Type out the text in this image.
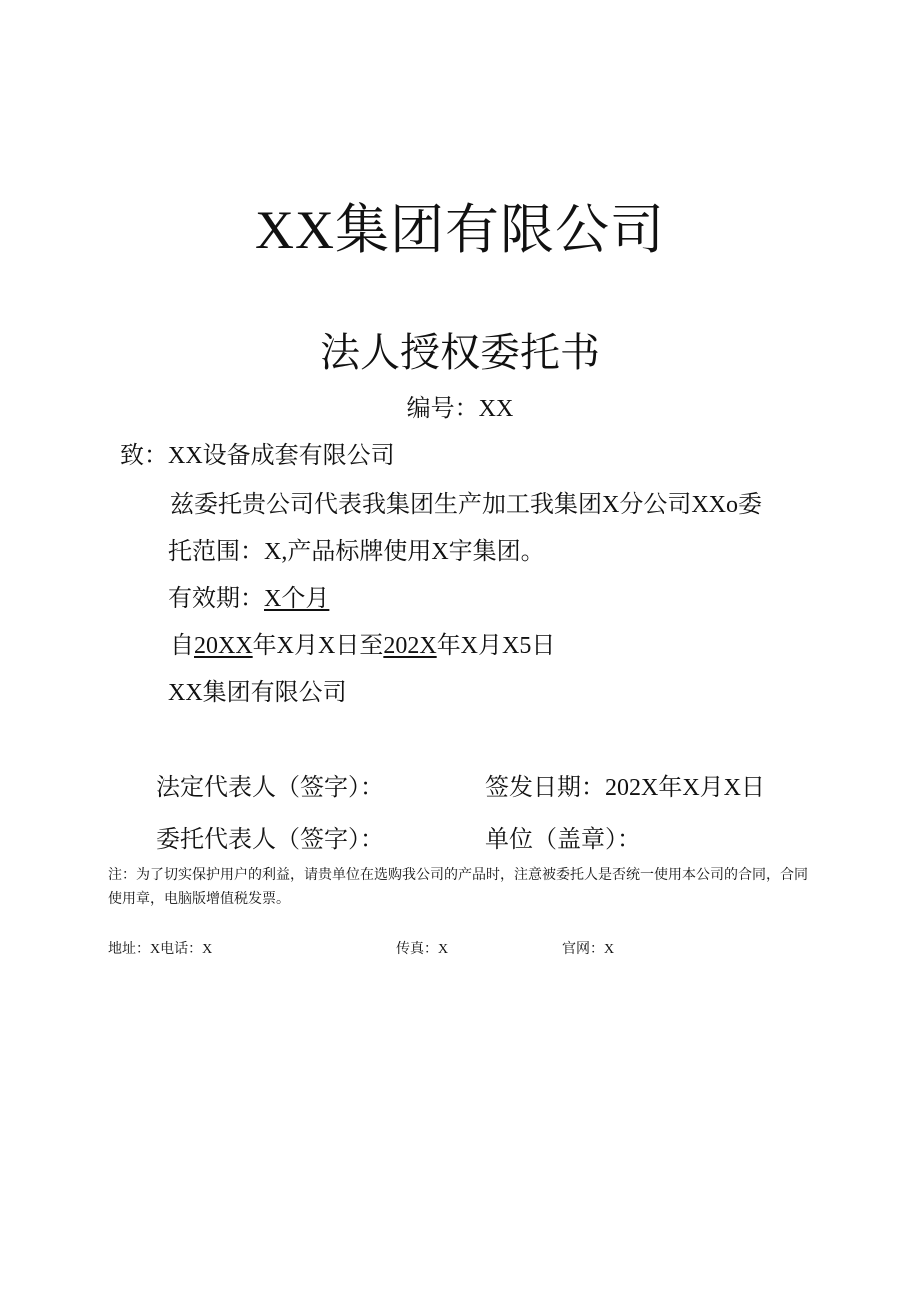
XX集团有限公司
法人授权委托书
编号：XX
致：XX设备成套有限公司
兹委托贵公司代表我集团生产加工我集团X分公司XXo委
托范围：X,产品标牌使用X宇集团。
有效期：X个月
自20XX年X月X日至202X年X月X5日
XX集团有限公司
法定代表人（签字）：	签发日期：202X年X月X日
委托代表人（签字）：	单位（盖章）：
注：为了切实保护用户的利益，请贵单位在选购我公司的产品时，注意被委托人是否统一使用本公司的合同，合同使用章，电脑版增值税发票。
地址：X电话：X	传真：X	官网：X
